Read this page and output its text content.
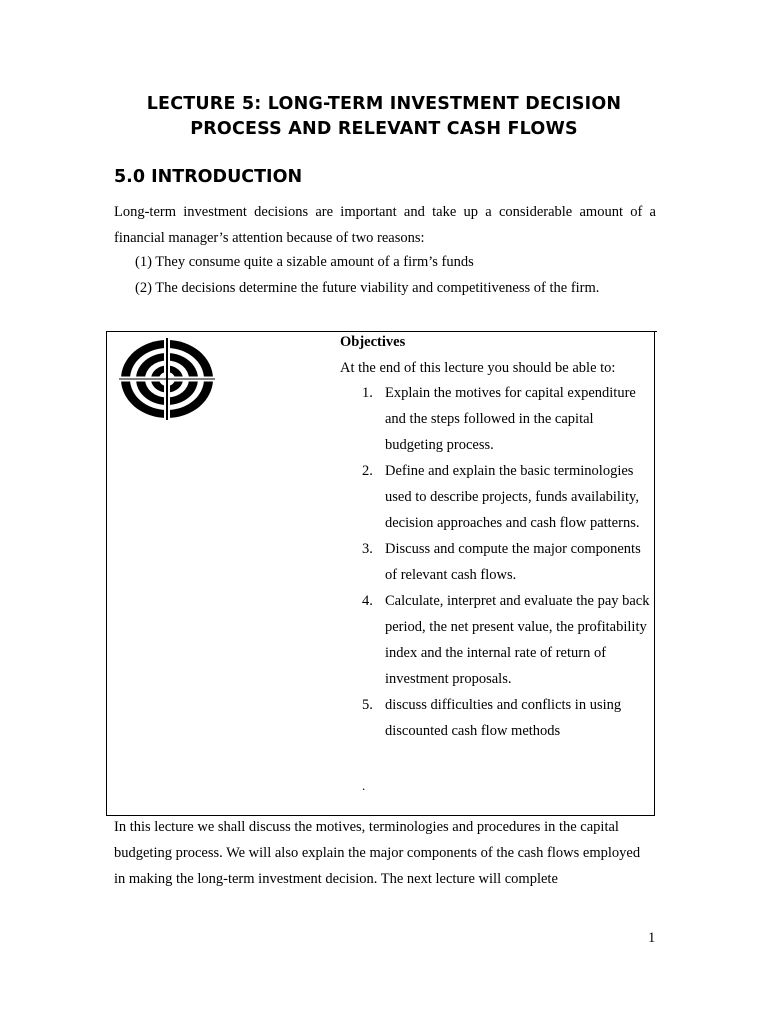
LECTURE 5: LONG-TERM INVESTMENT DECISION
PROCESS AND RELEVANT CASH FLOWS
5.0 INTRODUCTION
Long-term investment decisions are important and take up a considerable amount of a financial manager’s attention because of two reasons:
(1) They consume quite a sizable amount of a firm’s funds
(2) The decisions determine the future viability and competitiveness of the firm.
Objectives
At the end of this lecture you should be able to:
1. Explain the motives for capital expenditure and the steps followed in the capital budgeting process.
2. Define and explain the basic terminologies used to describe projects, funds availability, decision approaches and cash flow patterns.
3. Discuss and compute the major components of relevant cash flows.
4. Calculate, interpret and evaluate the pay back period, the net present value, the profitability index and the internal rate of return of investment proposals.
5. discuss difficulties and conflicts in using discounted cash flow methods
.
In this lecture we shall discuss the motives, terminologies and procedures in the capital budgeting process. We will also explain the major components of the cash flows employed in making the long-term investment decision. The next lecture will complete
1
